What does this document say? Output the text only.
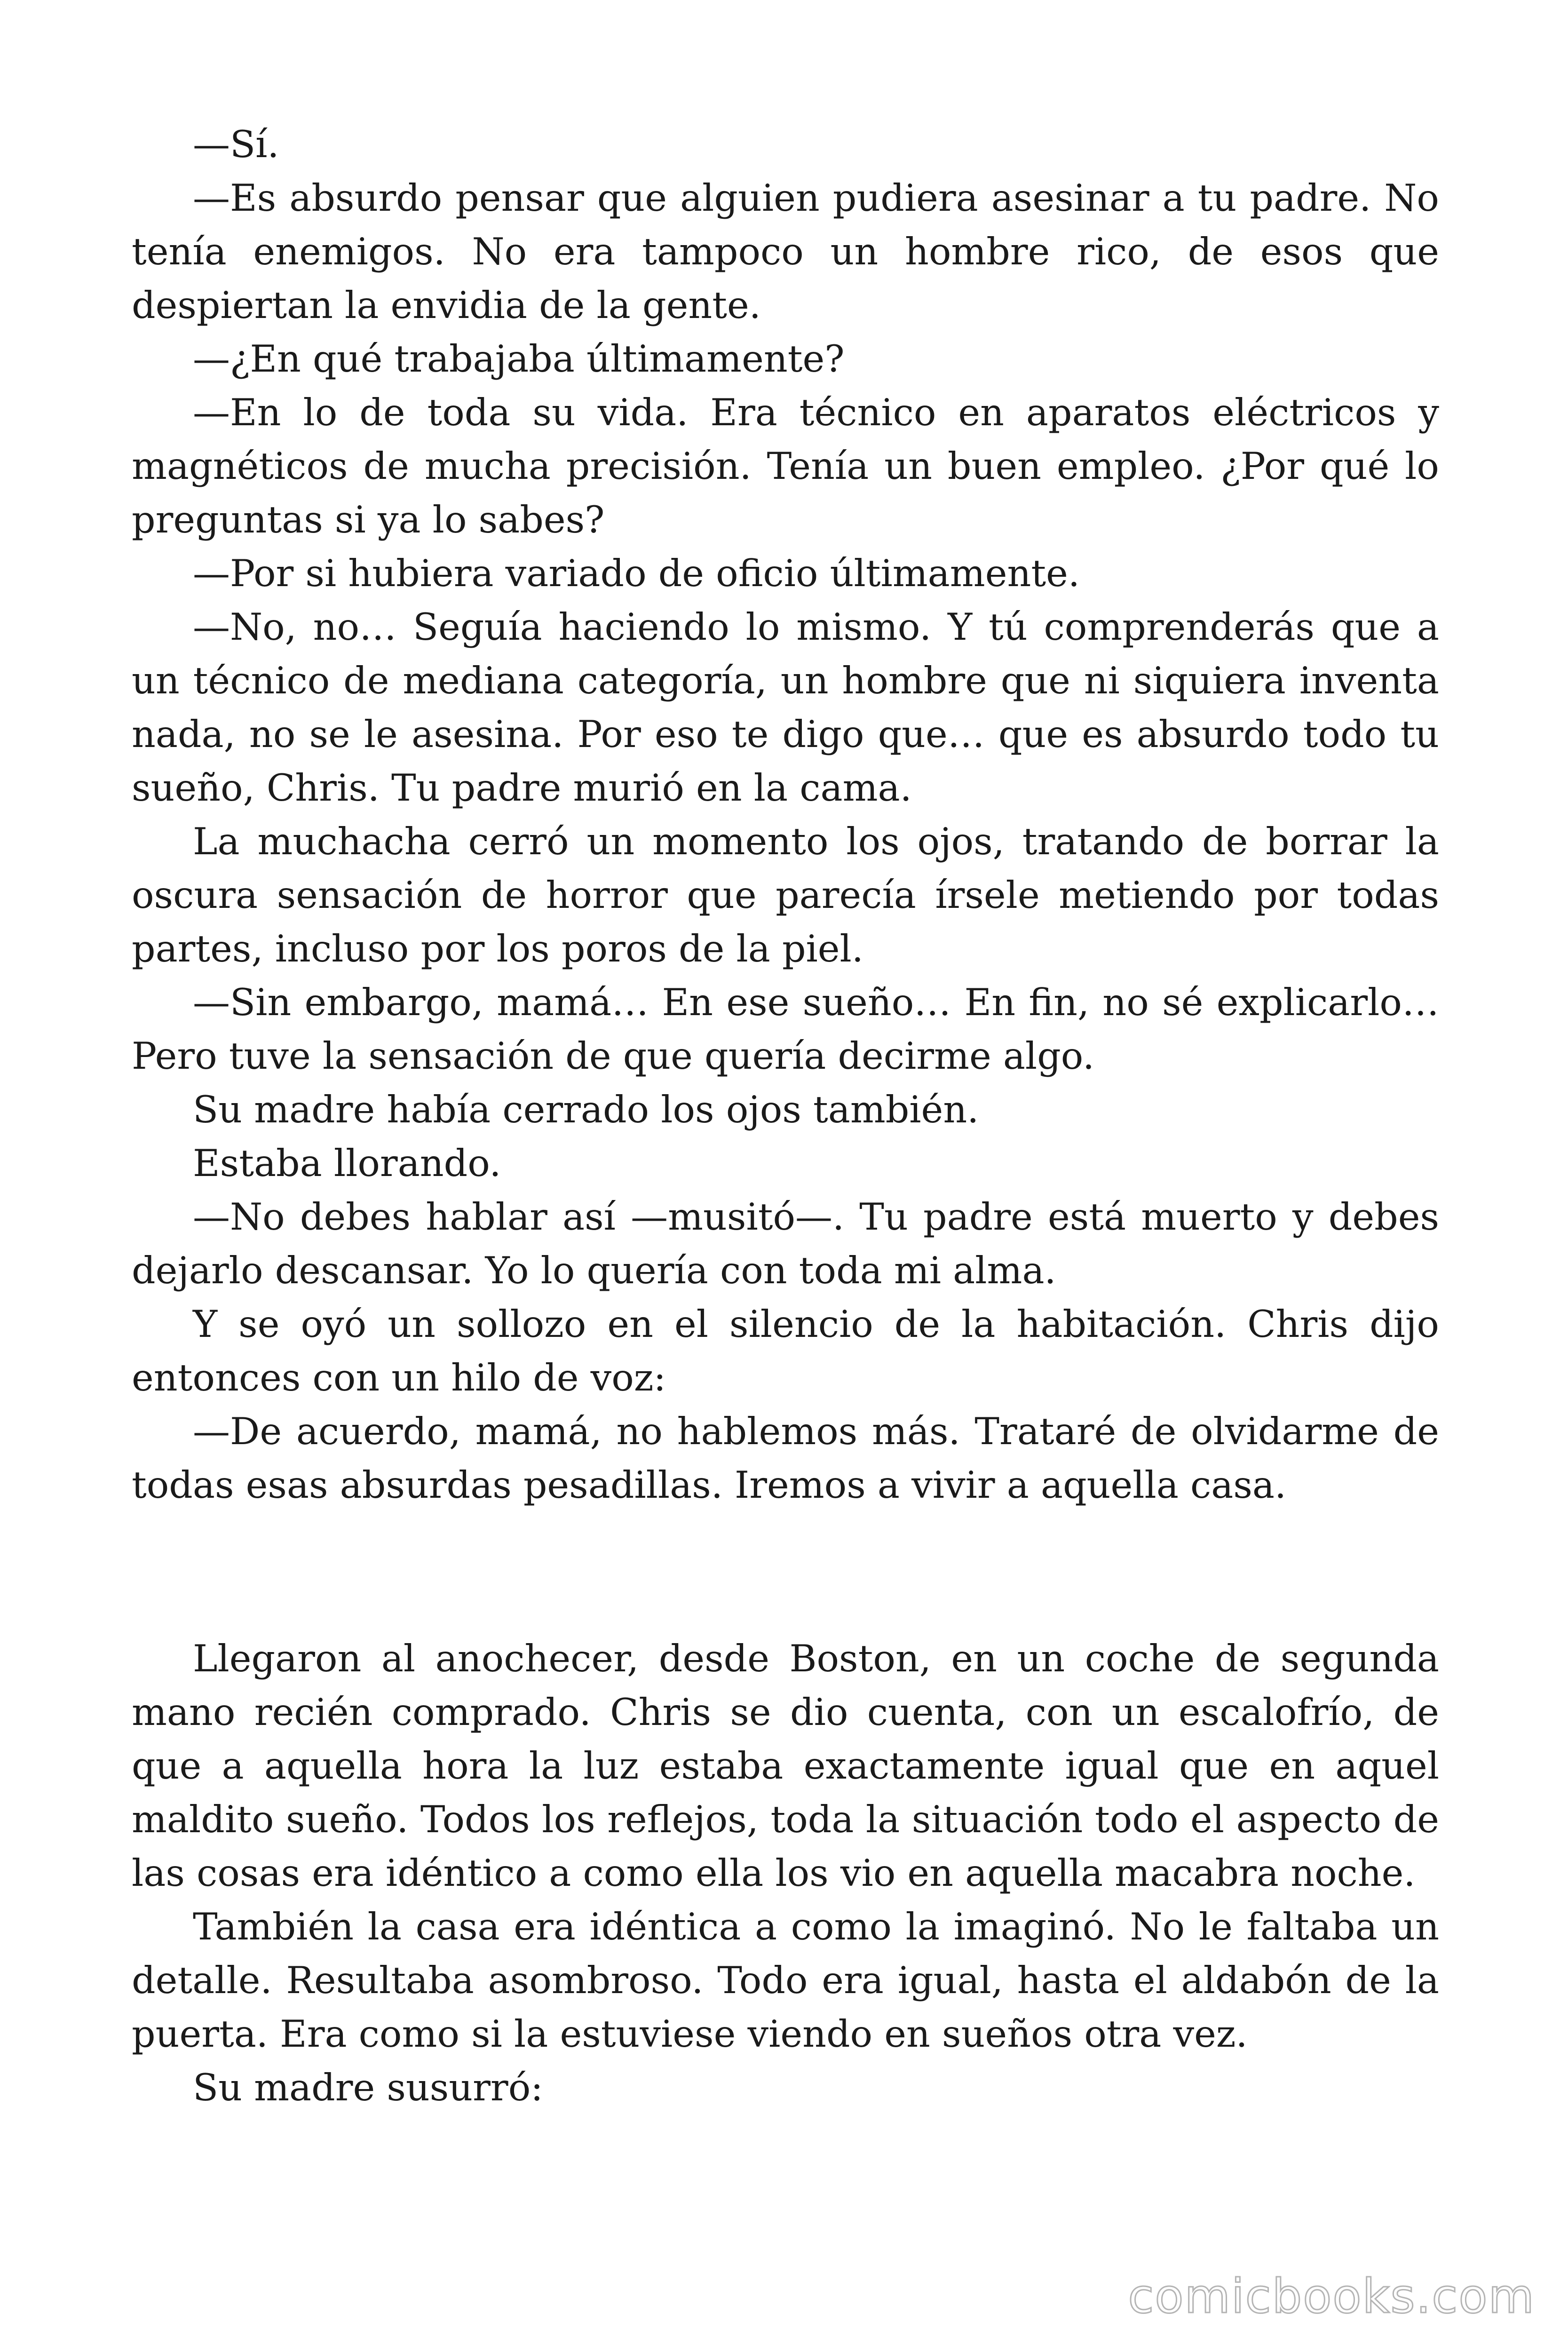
—Sí.

—Es absurdo pensar que alguien pudiera asesinar a tu padre. No tenía enemigos. No era tampoco un hombre rico, de esos que despiertan la envidia de la gente.

—¿En qué trabajaba últimamente?

—En lo de toda su vida. Era técnico en aparatos eléctricos y magnéticos de mucha precisión. Tenía un buen empleo. ¿Por qué lo preguntas si ya lo sabes?

—Por si hubiera variado de oficio últimamente.

—No, no… Seguía haciendo lo mismo. Y tú comprenderás que a un técnico de mediana categoría, un hombre que ni siquiera inventa nada, no se le asesina. Por eso te digo que… que es absurdo todo tu sueño, Chris. Tu padre murió en la cama.

La muchacha cerró un momento los ojos, tratando de borrar la oscura sensación de horror que parecía írsele metiendo por todas partes, incluso por los poros de la piel.

—Sin embargo, mamá… En ese sueño… En fin, no sé explicarlo… Pero tuve la sensación de que quería decirme algo.

Su madre había cerrado los ojos también.

Estaba llorando.

—No debes hablar así —musitó—. Tu padre está muerto y debes dejarlo descansar. Yo lo quería con toda mi alma.

Y se oyó un sollozo en el silencio de la habitación. Chris dijo entonces con un hilo de voz:

—De acuerdo, mamá, no hablemos más. Trataré de olvidarme de todas esas absurdas pesadillas. Iremos a vivir a aquella casa.

Llegaron al anochecer, desde Boston, en un coche de segunda mano recién comprado. Chris se dio cuenta, con un escalofrío, de que a aquella hora la luz estaba exactamente igual que en aquel maldito sueño. Todos los reflejos, toda la situación todo el aspecto de las cosas era idéntico a como ella los vio en aquella macabra noche.

También la casa era idéntica a como la imaginó. No le faltaba un detalle. Resultaba asombroso. Todo era igual, hasta el aldabón de la puerta. Era como si la estuviese viendo en sueños otra vez.

Su madre susurró:

comicbooks.com
